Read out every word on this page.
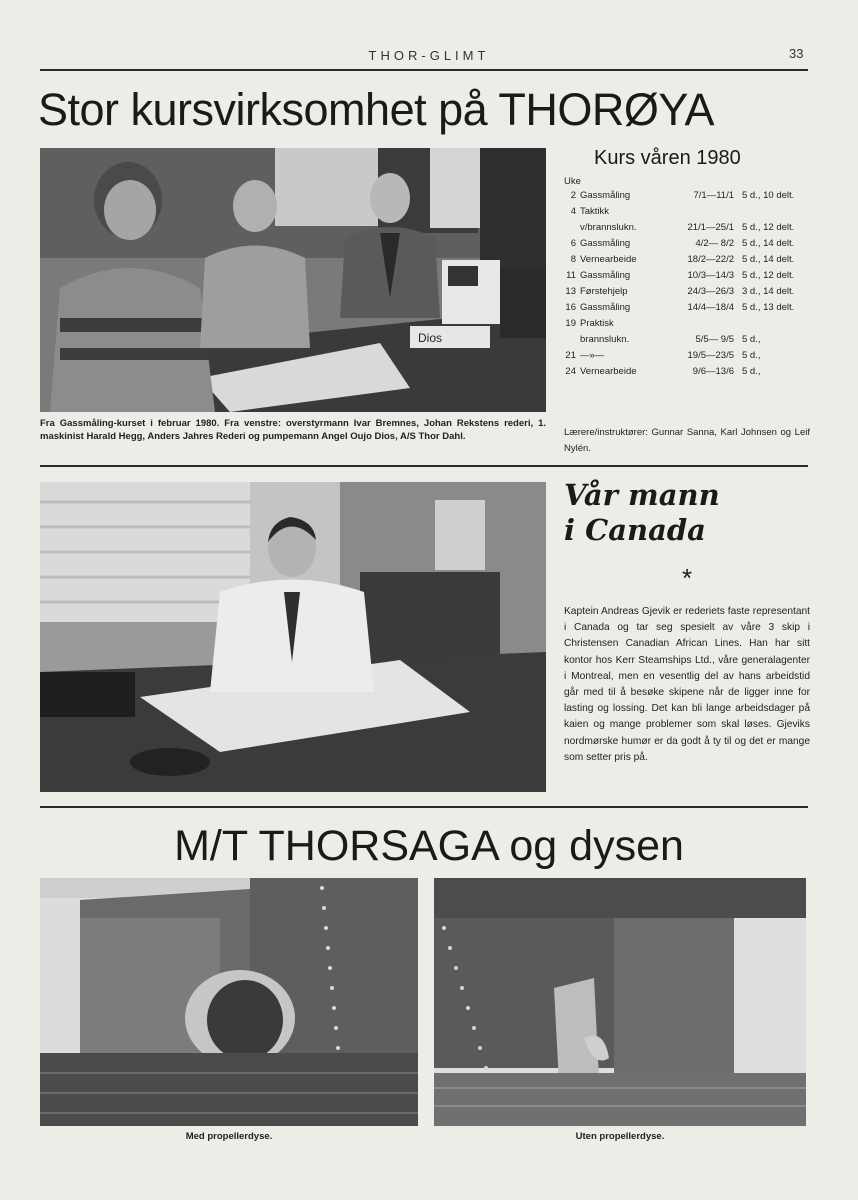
THOR-GLIMT	33
Stor kursvirksomhet på THORØYA
Dios
Fra Gassmåling-kurset i februar 1980. Fra venstre: overstyrmann Ivar Bremnes, Johan Rekstens rederi, 1. maskinist Harald Hegg, Anders Jahres Rederi og pumpemann Angel Oujo Dios, A/S Thor Dahl.
Kurs våren 1980
Uke
2	Gassmåling	7/1—11/1	5 d., 10 delt.
4	Taktikk		
	v/brannslukn.	21/1—25/1	5 d., 12 delt.
6	Gassmåling	4/2— 8/2	5 d., 14 delt.
8	Vernearbeide	18/2—22/2	5 d., 14 delt.
11	Gassmåling	10/3—14/3	5 d., 12 delt.
13	Førstehjelp	24/3—26/3	3 d., 14 delt.
16	Gassmåling	14/4—18/4	5 d., 13 delt.
19	Praktisk		
	brannslukn.	5/5— 9/5	5 d.,
21	—»—	19/5—23/5	5 d.,
24	Vernearbeide	9/6—13/6	5 d.,
Lærere/instruktører: Gunnar Sanna, Karl Johnsen og Leif Nylén.
Vår mann
i Canada
*
Kaptein Andreas Gjevik er rederiets faste representant i Canada og tar seg spesielt av våre 3 skip i Christensen Canadian African Lines. Han har sitt kontor hos Kerr Steamships Ltd., våre generalagenter i Montreal, men en vesentlig del av hans arbeidstid går med til å besøke skipene når de ligger inne for lasting og lossing. Det kan bli lange arbeidsdager på kaien og mange problemer som skal løses. Gjeviks nordmørske humør er da godt å ty til og det er mange som setter pris på.
M/T THORSAGA og dysen
Med propellerdyse.	Uten propellerdyse.
